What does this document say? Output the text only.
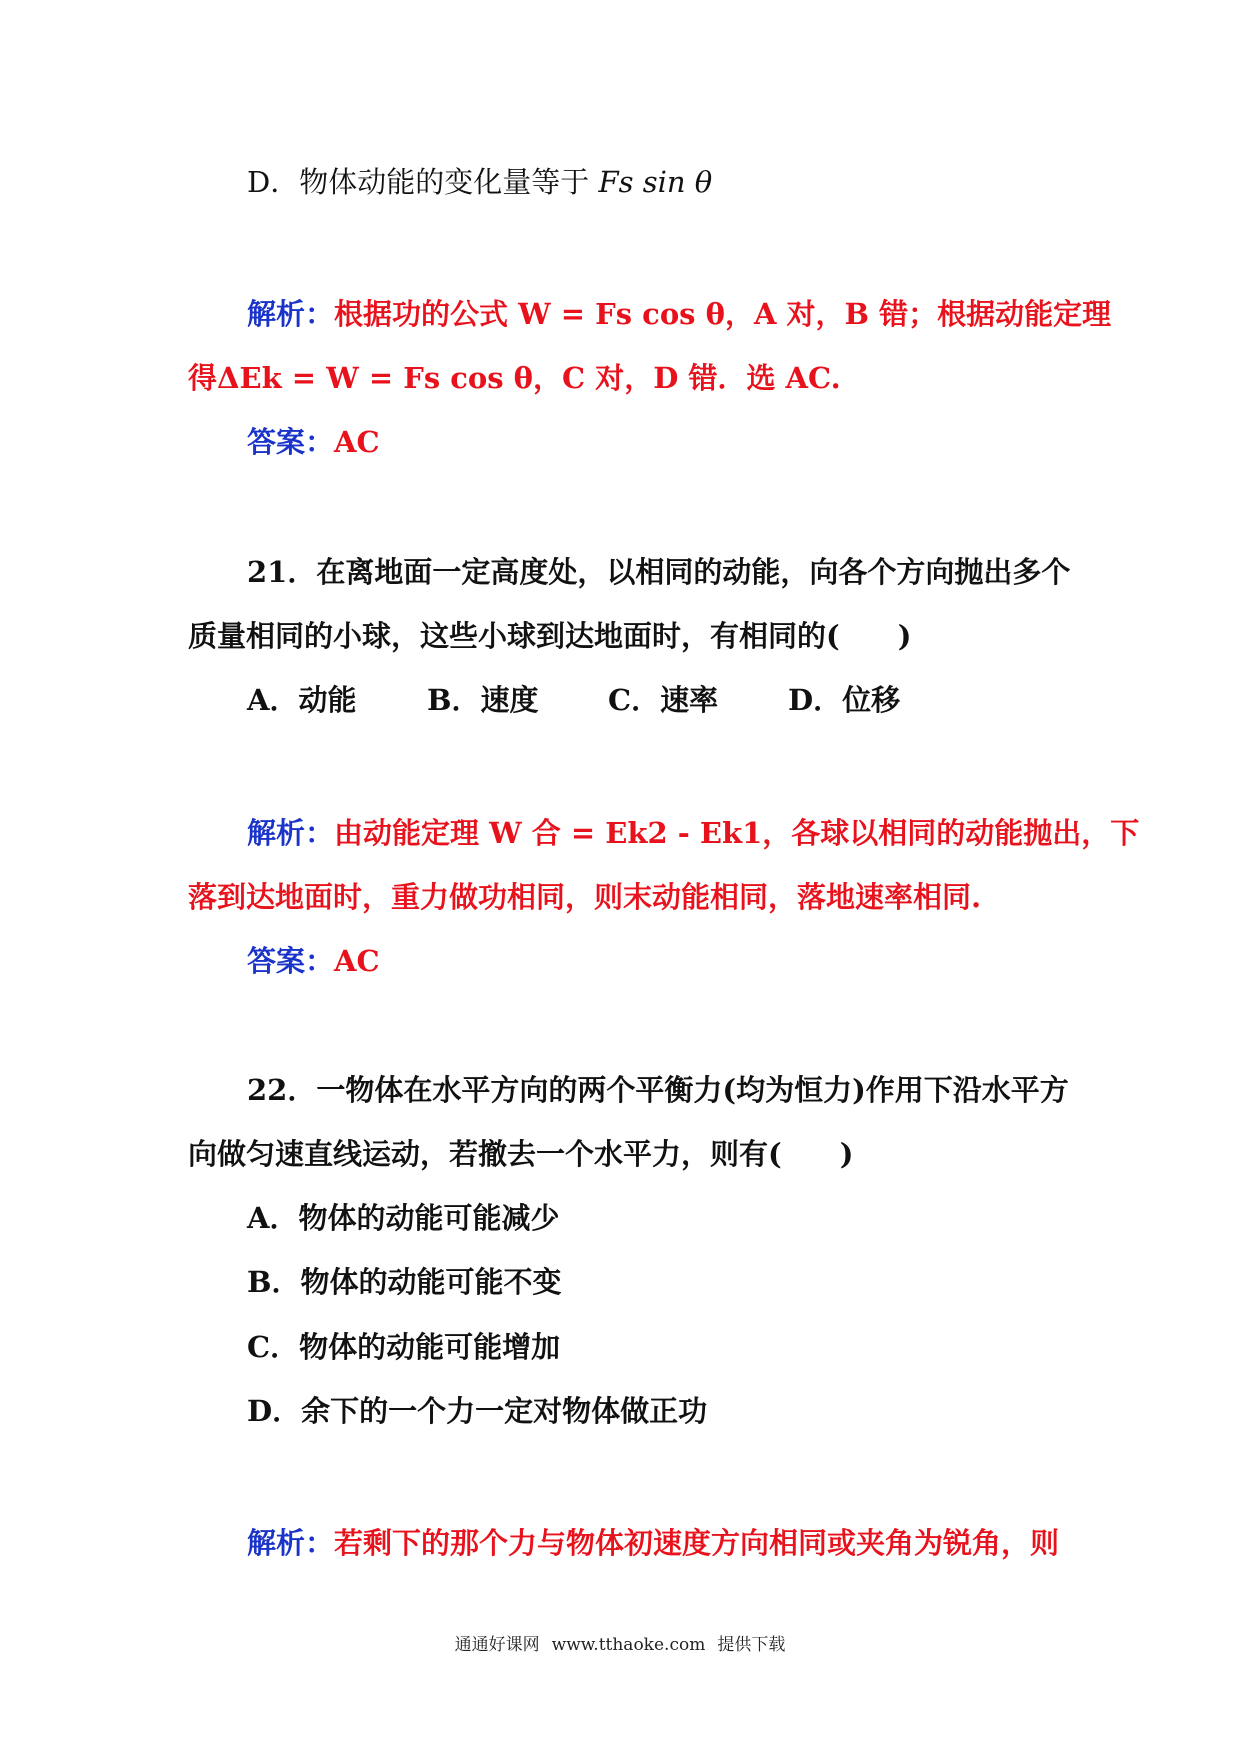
D．物体动能的变化量等于 Fs sin θ
解析：根据功的公式 W = Fs cos θ，A 对，B 错；根据动能定理
得ΔEk = W = Fs cos θ，C 对，D 错．选 AC.
答案：AC
21．在离地面一定高度处，以相同的动能，向各个方向抛出多个
质量相同的小球，这些小球到达地面时，有相同的(　　)
A．动能 B．速度 C．速率 D．位移
解析：由动能定理 W 合 = Ek2 - Ek1，各球以相同的动能抛出，下
落到达地面时，重力做功相同，则末动能相同，落地速率相同.
答案：AC
22．一物体在水平方向的两个平衡力(均为恒力)作用下沿水平方
向做匀速直线运动，若撤去一个水平力，则有(　　)
A．物体的动能可能减少
B．物体的动能可能不变
C．物体的动能可能增加
D．余下的一个力一定对物体做正功
解析：若剩下的那个力与物体初速度方向相同或夹角为锐角，则
通通好课网 www.tthaoke.com 提供下载
